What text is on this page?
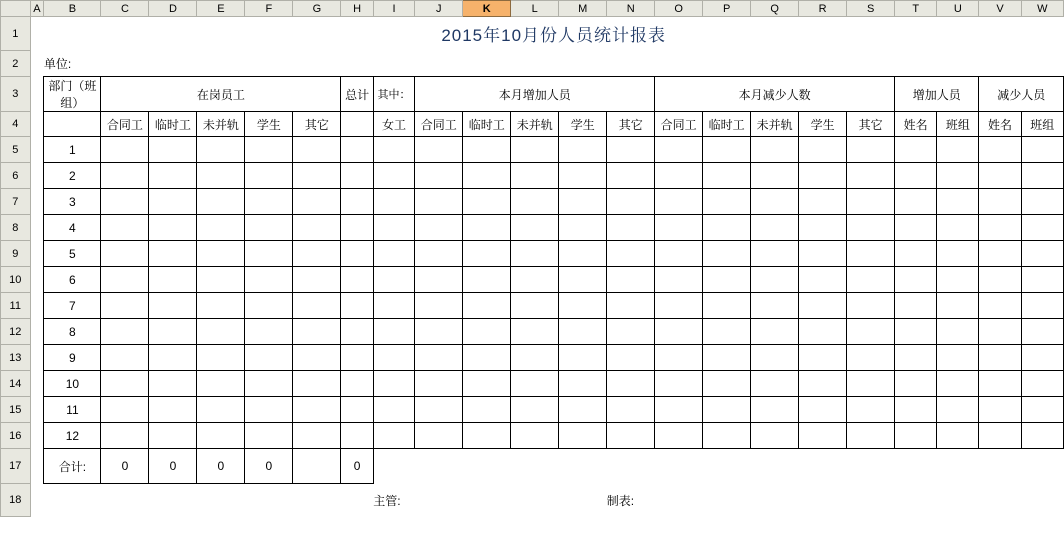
	A	B	C	D	E	F	G	H	I	J	K	L	M	N	O	P	Q	R	S	T	U	V	W
1		2015年10月份人员统计报表																					
2		单位:																					
3		部门（班组）	在岗员工					总计	其中：	本月增加人员					本月减少人数					增加人员		减少人员	
4			合同工	临时工	未并轨	学生	其它		女工	合同工	临时工	未并轨	学生	其它	合同工	临时工	未并轨	学生	其它	姓名	班组	姓名	班组
5		1																					
6		2																					
7		3																					
8		4																					
9		5																					
10		6																					
11		7																					
12		8																					
13		9																					
14		10																					
15		11																					
16		12																					
17		合计:	0	0	0	0		0															
18									主管:					制表:									
